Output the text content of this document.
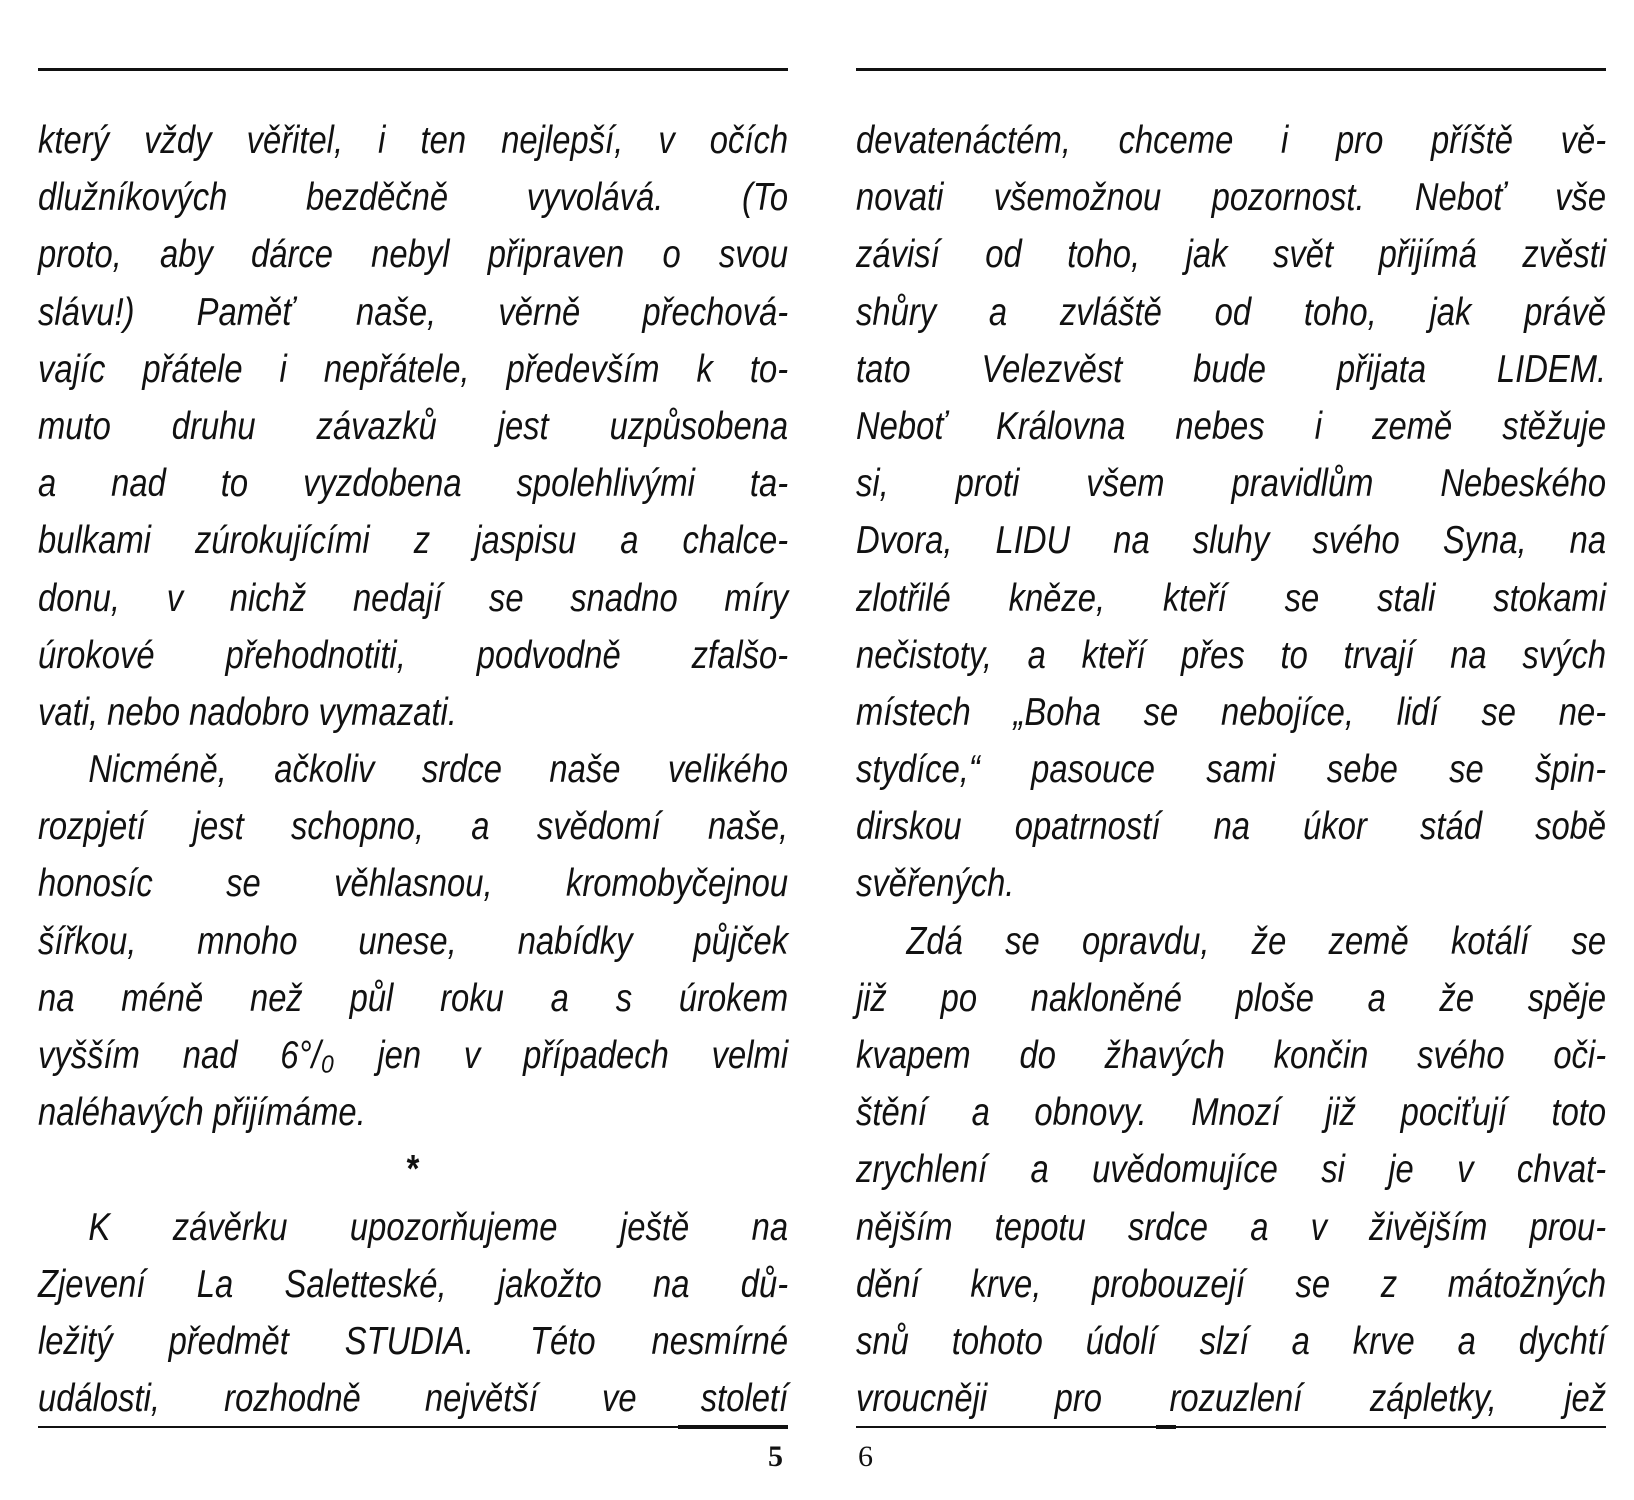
který vždy věřitel, i ten nejlepší, v očích
dlužníkových bezděčně vyvolává. (To
proto, aby dárce nebyl připraven o svou
slávu!) Paměť naše, věrně přechová-
vajíc přátele i nepřátele, především k to-
muto druhu závazků jest uzpůsobena
a nad to vyzdobena spolehlivými ta-
bulkami zúrokujícími z jaspisu a chalce-
donu, v nichž nedají se snadno míry
úrokové přehodnotiti, podvodně zfalšo-
vati, nebo nadobro vymazati.
Nicméně, ačkoliv srdce naše velikého
rozpjetí jest schopno, a svědomí naše,
honosíc se věhlasnou, kromobyčejnou
šířkou, mnoho unese, nabídky půjček
na méně než půl roku a s úrokem
vyšším nad 6°/₀ jen v případech velmi
naléhavých přijímáme.
*
K závěrku upozorňujeme ještě na
Zjevení La Saletteské, jakožto na dů-
ležitý předmět STUDIA. Této nesmírné
události, rozhodně největší ve století
5
devatenáctém, chceme i pro příště vě-
novati všemožnou pozornost. Neboť vše
závisí od toho, jak svět přijímá zvěsti
shůry a zvláště od toho, jak právě
tato Velezvěst bude přijata LIDEM.
Neboť Královna nebes i země stěžuje
si, proti všem pravidlům Nebeského
Dvora, LIDU na sluhy svého Syna, na
zlotřilé kněze, kteří se stali stokami
nečistoty, a kteří přes to trvají na svých
místech „Boha se nebojíce, lidí se ne-
stydíce,“ pasouce sami sebe se špin-
dirskou opatrností na úkor stád sobě
svěřených.
Zdá se opravdu, že země kotálí se
již po nakloněné ploše a že spěje
kvapem do žhavých končin svého oči-
štění a obnovy. Mnozí již pociťují toto
zrychlení a uvědomujíce si je v chvat-
nějším tepotu srdce a v živějším prou-
dění krve, probouzejí se z mátožných
snů tohoto údolí slzí a krve a dychtí
vroucněji pro rozuzlení zápletky, jež
6
